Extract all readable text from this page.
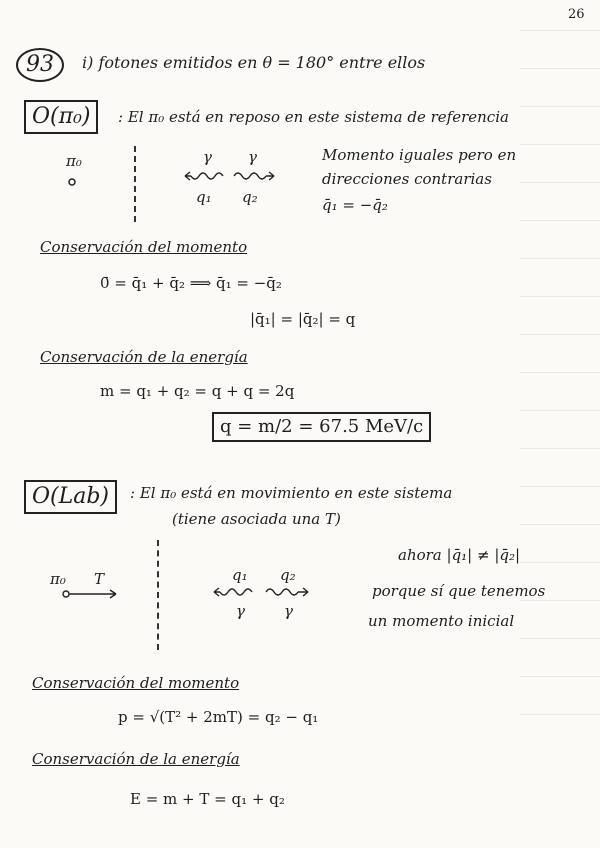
26
93	i) fotones emitidos en θ = 180° entre ellos
O(π₀)	: El π₀ está en reposo en este sistema de referencia
π₀	γ γ
q₁ q₂
Momento iguales pero en
direcciones contrarias
q̄₁ = −q̄₂
Conservación del momento
0̄ = q̄₁ + q̄₂ ⟹ q̄₁ = −q̄₂
|q̄₁| = |q̄₂| = q
Conservación de la energía
m = q₁ + q₂ = q + q = 2q
q = m/2 = 67.5 MeV/c
O(Lab)	: El π₀ está en movimiento en este sistema
(tiene asociada una T)
π₀ T	q₁ q₂
γ	γ
ahora |q̄₁| ≠ |q̄₂|
porque sí que tenemos
un momento inicial
Conservación del momento
p = √(T² + 2mT) = q₂ − q₁
Conservación de la energía
E = m + T = q₁ + q₂
